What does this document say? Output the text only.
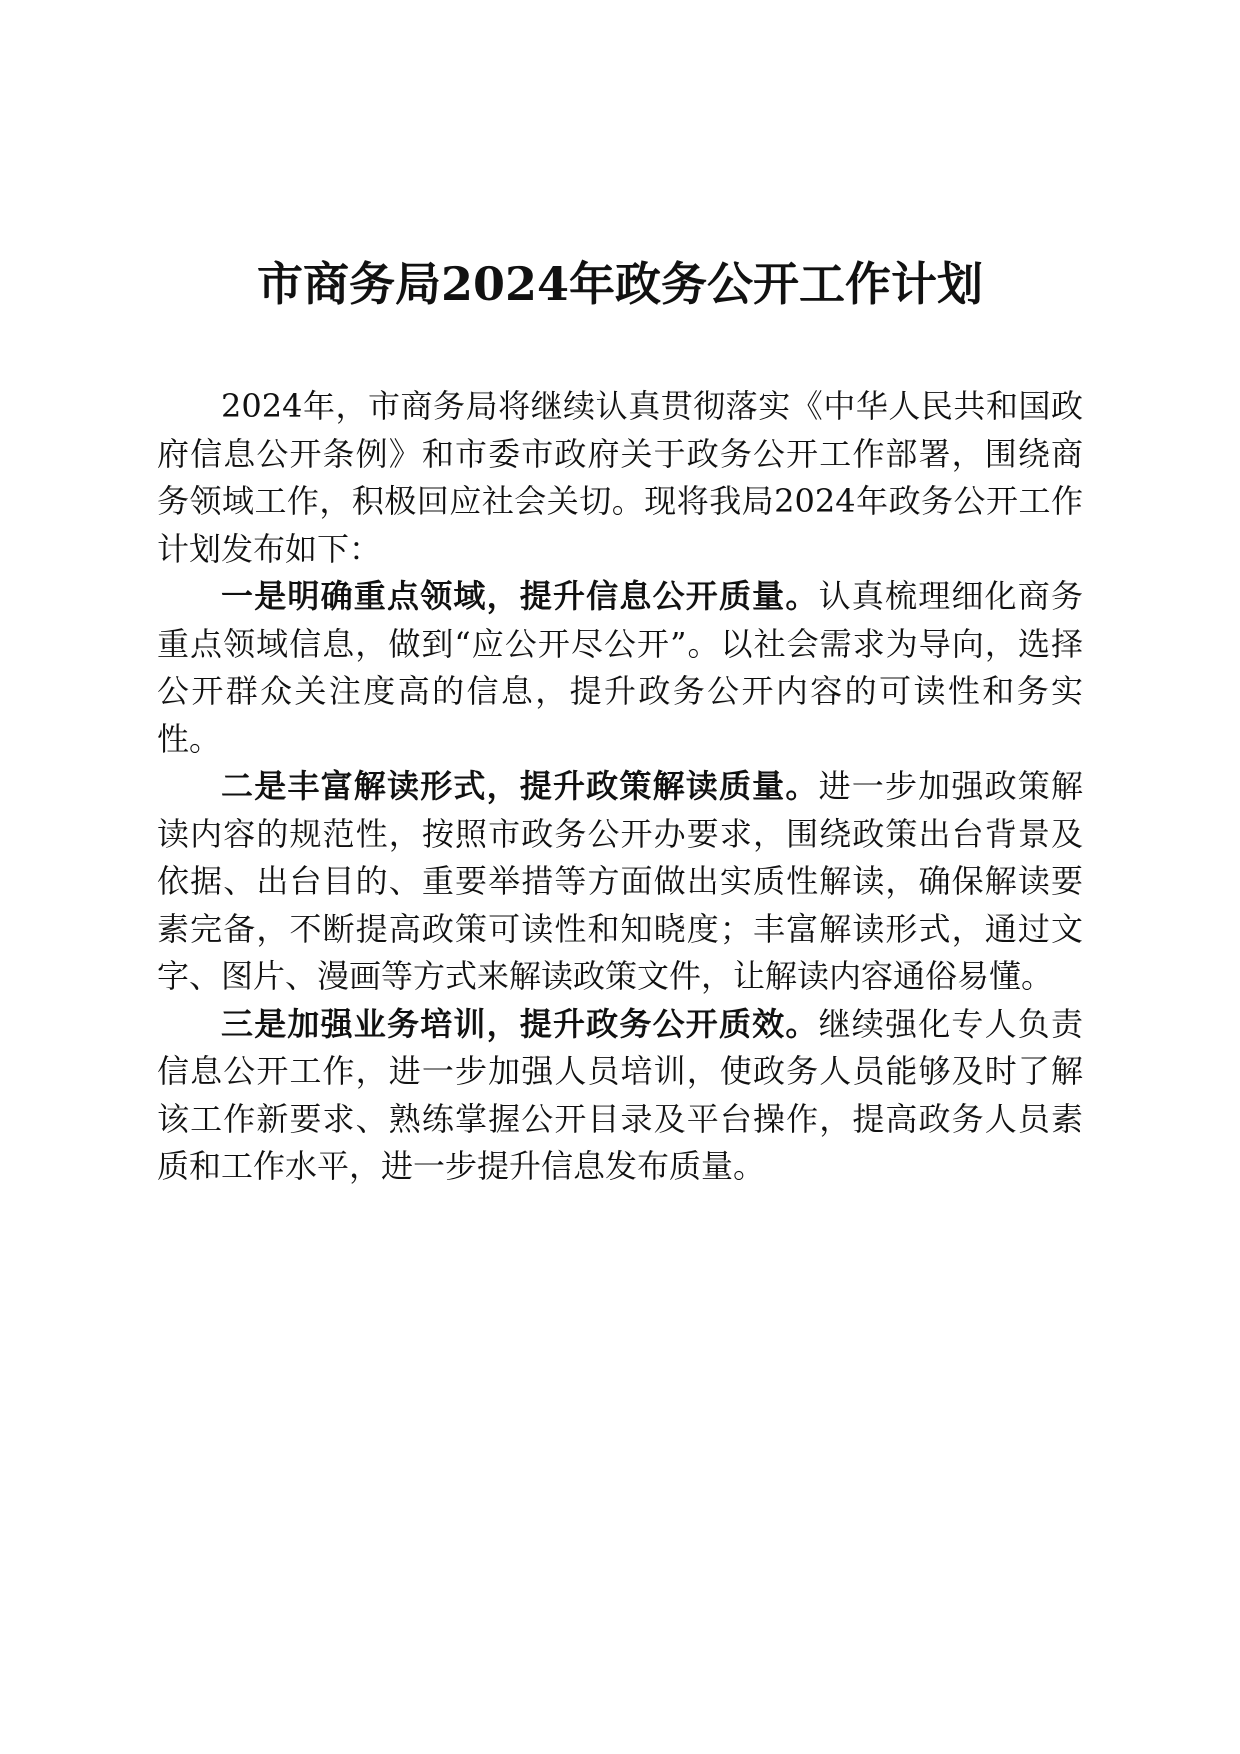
市商务局2024年政务公开工作计划

2024年，市商务局将继续认真贯彻落实《中华人民共和国政府信息公开条例》和市委市政府关于政务公开工作部署，围绕商务领域工作，积极回应社会关切。现将我局2024年政务公开工作计划发布如下：

一是明确重点领域，提升信息公开质量。认真梳理细化商务重点领域信息，做到“应公开尽公开”。以社会需求为导向，选择公开群众关注度高的信息，提升政务公开内容的可读性和务实性。

二是丰富解读形式，提升政策解读质量。进一步加强政策解读内容的规范性，按照市政务公开办要求，围绕政策出台背景及依据、出台目的、重要举措等方面做出实质性解读，确保解读要素完备，不断提高政策可读性和知晓度；丰富解读形式，通过文字、图片、漫画等方式来解读政策文件，让解读内容通俗易懂。

三是加强业务培训，提升政务公开质效。继续强化专人负责信息公开工作，进一步加强人员培训，使政务人员能够及时了解该工作新要求、熟练掌握公开目录及平台操作，提高政务人员素质和工作水平，进一步提升信息发布质量。
